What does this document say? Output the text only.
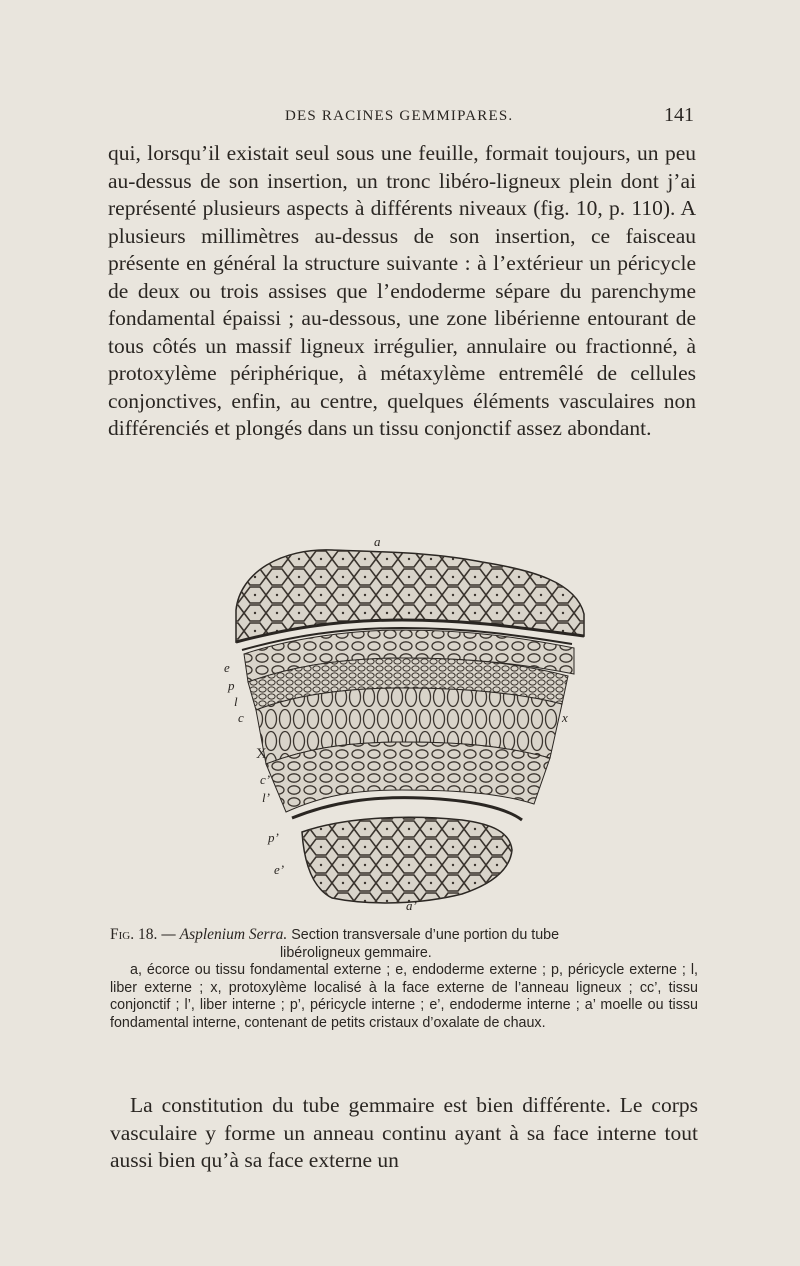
DES RACINES GEMMIPARES.	141
qui, lorsqu’il existait seul sous une feuille, formait toujours, un peu au-dessus de son insertion, un tronc libéro-ligneux plein dont j’ai représenté plusieurs aspects à différents niveaux (fig. 10, p. 110). A plusieurs millimètres au-dessus de son insertion, ce faisceau présente en général la structure suivante : à l’extérieur un péricycle de deux ou trois assises que l’endoderme sépare du parenchyme fondamental épaissi ; au-dessous, une zone libérienne entourant de tous côtés un massif ligneux irrégulier, annulaire ou fractionné, à protoxylème périphérique, à métaxylème entremêlé de cellules conjonctives, enfin, au centre, quelques éléments vasculaires non différenciés et plongés dans un tissu conjonctif assez abondant.
a
e
p
l
c	x
X
c’
l’
p’
e’
a’

Fig. 18. — Asplenium Serra. Section transversale d’une portion du tube
libéroligneux gemmaire.

a, écorce ou tissu fondamental externe ; e, endoderme externe ; p, péricycle externe ; l, liber externe ; x, protoxylème localisé à la face externe de l’anneau ligneux ; cc’, tissu conjonctif ; l’, liber interne ; p’, péricycle interne ; e’, endoderme interne ; a’ moelle ou tissu fondamental interne, contenant de petits cristaux d’oxalate de chaux.

La constitution du tube gemmaire est bien différente. Le corps vasculaire y forme un anneau continu ayant à sa face interne tout aussi bien qu’à sa face externe un
